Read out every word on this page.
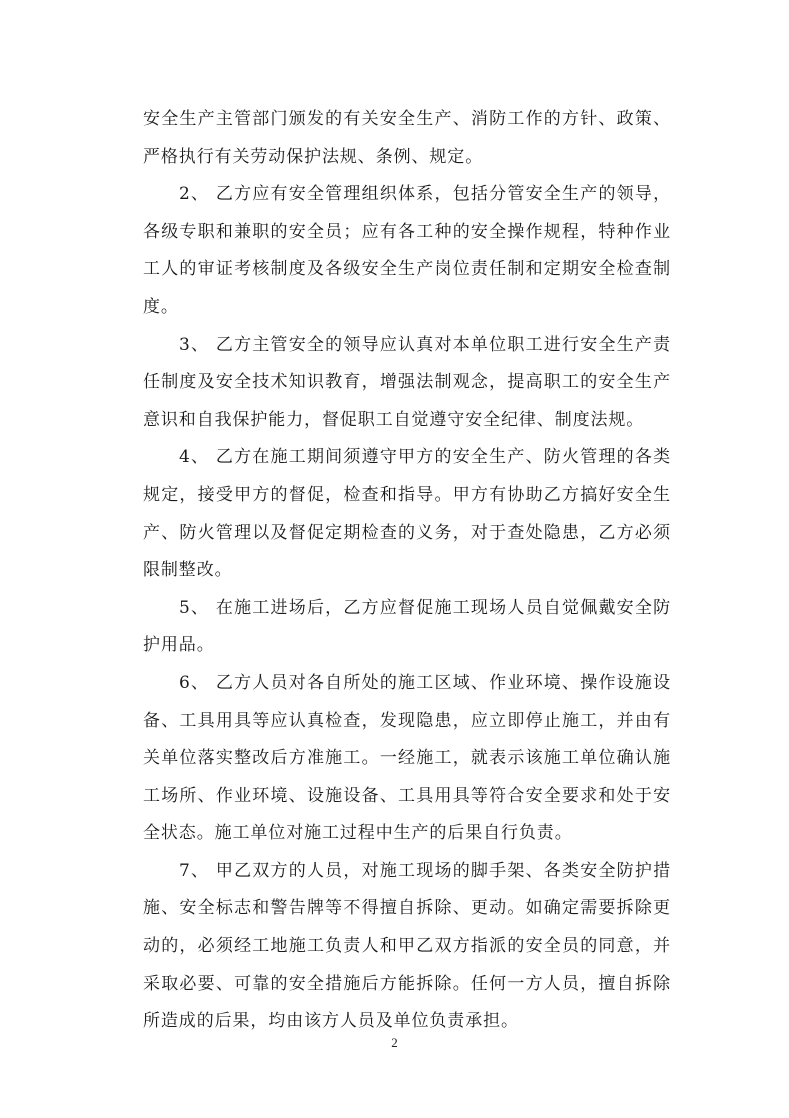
安全生产主管部门颁发的有关安全生产、消防工作的方针、政策、严格执行有关劳动保护法规、条例、规定。

2、 乙方应有安全管理组织体系，包括分管安全生产的领导，各级专职和兼职的安全员；应有各工种的安全操作规程，特种作业工人的审证考核制度及各级安全生产岗位责任制和定期安全检查制度。

3、 乙方主管安全的领导应认真对本单位职工进行安全生产责任制度及安全技术知识教育，增强法制观念，提高职工的安全生产意识和自我保护能力，督促职工自觉遵守安全纪律、制度法规。

4、 乙方在施工期间须遵守甲方的安全生产、防火管理的各类规定，接受甲方的督促，检查和指导。甲方有协助乙方搞好安全生产、防火管理以及督促定期检查的义务，对于查处隐患，乙方必须限制整改。

5、 在施工进场后，乙方应督促施工现场人员自觉佩戴安全防护用品。

6、 乙方人员对各自所处的施工区域、作业环境、操作设施设备、工具用具等应认真检查，发现隐患，应立即停止施工，并由有关单位落实整改后方准施工。一经施工，就表示该施工单位确认施工场所、作业环境、设施设备、工具用具等符合安全要求和处于安全状态。施工单位对施工过程中生产的后果自行负责。

7、 甲乙双方的人员，对施工现场的脚手架、各类安全防护措施、安全标志和警告牌等不得擅自拆除、更动。如确定需要拆除更动的，必须经工地施工负责人和甲乙双方指派的安全员的同意，并采取必要、可靠的安全措施后方能拆除。任何一方人员，擅自拆除所造成的后果，均由该方人员及单位负责承担。

2
